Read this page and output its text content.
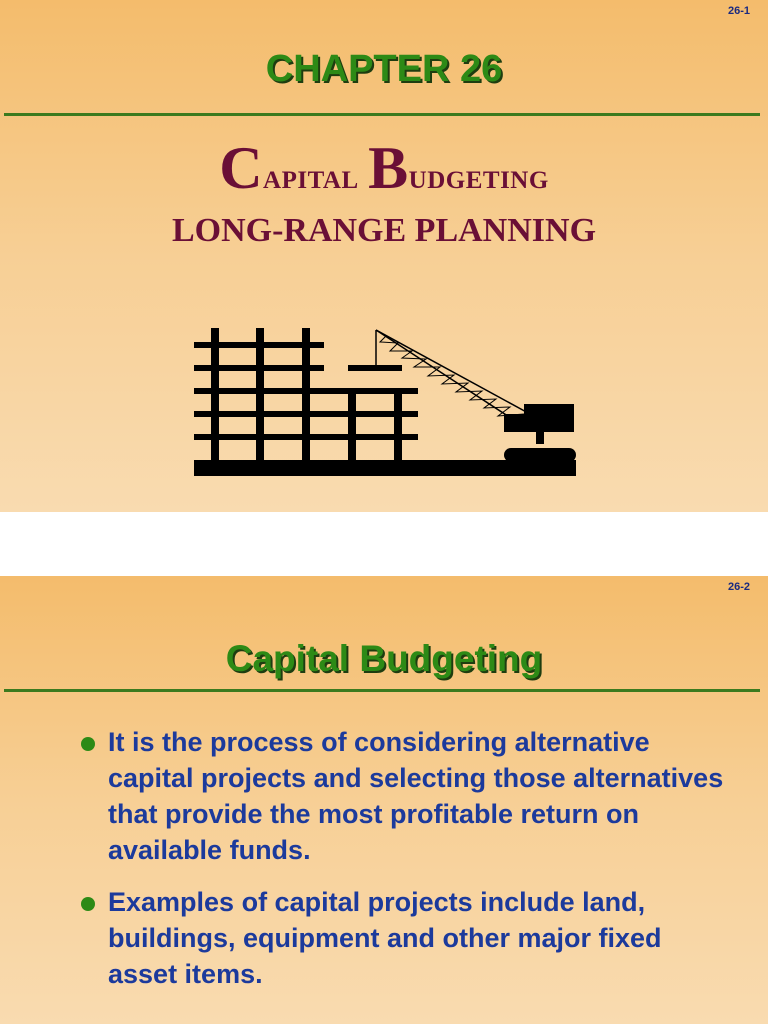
26-1
CHAPTER 26
Capital Budgeting
LONG-RANGE PLANNING
26-2
Capital Budgeting
It is the process of considering alternative capital projects and selecting those alternatives that provide the most profitable return on available funds.
Examples of capital projects include land, buildings, equipment and other major fixed asset items.
